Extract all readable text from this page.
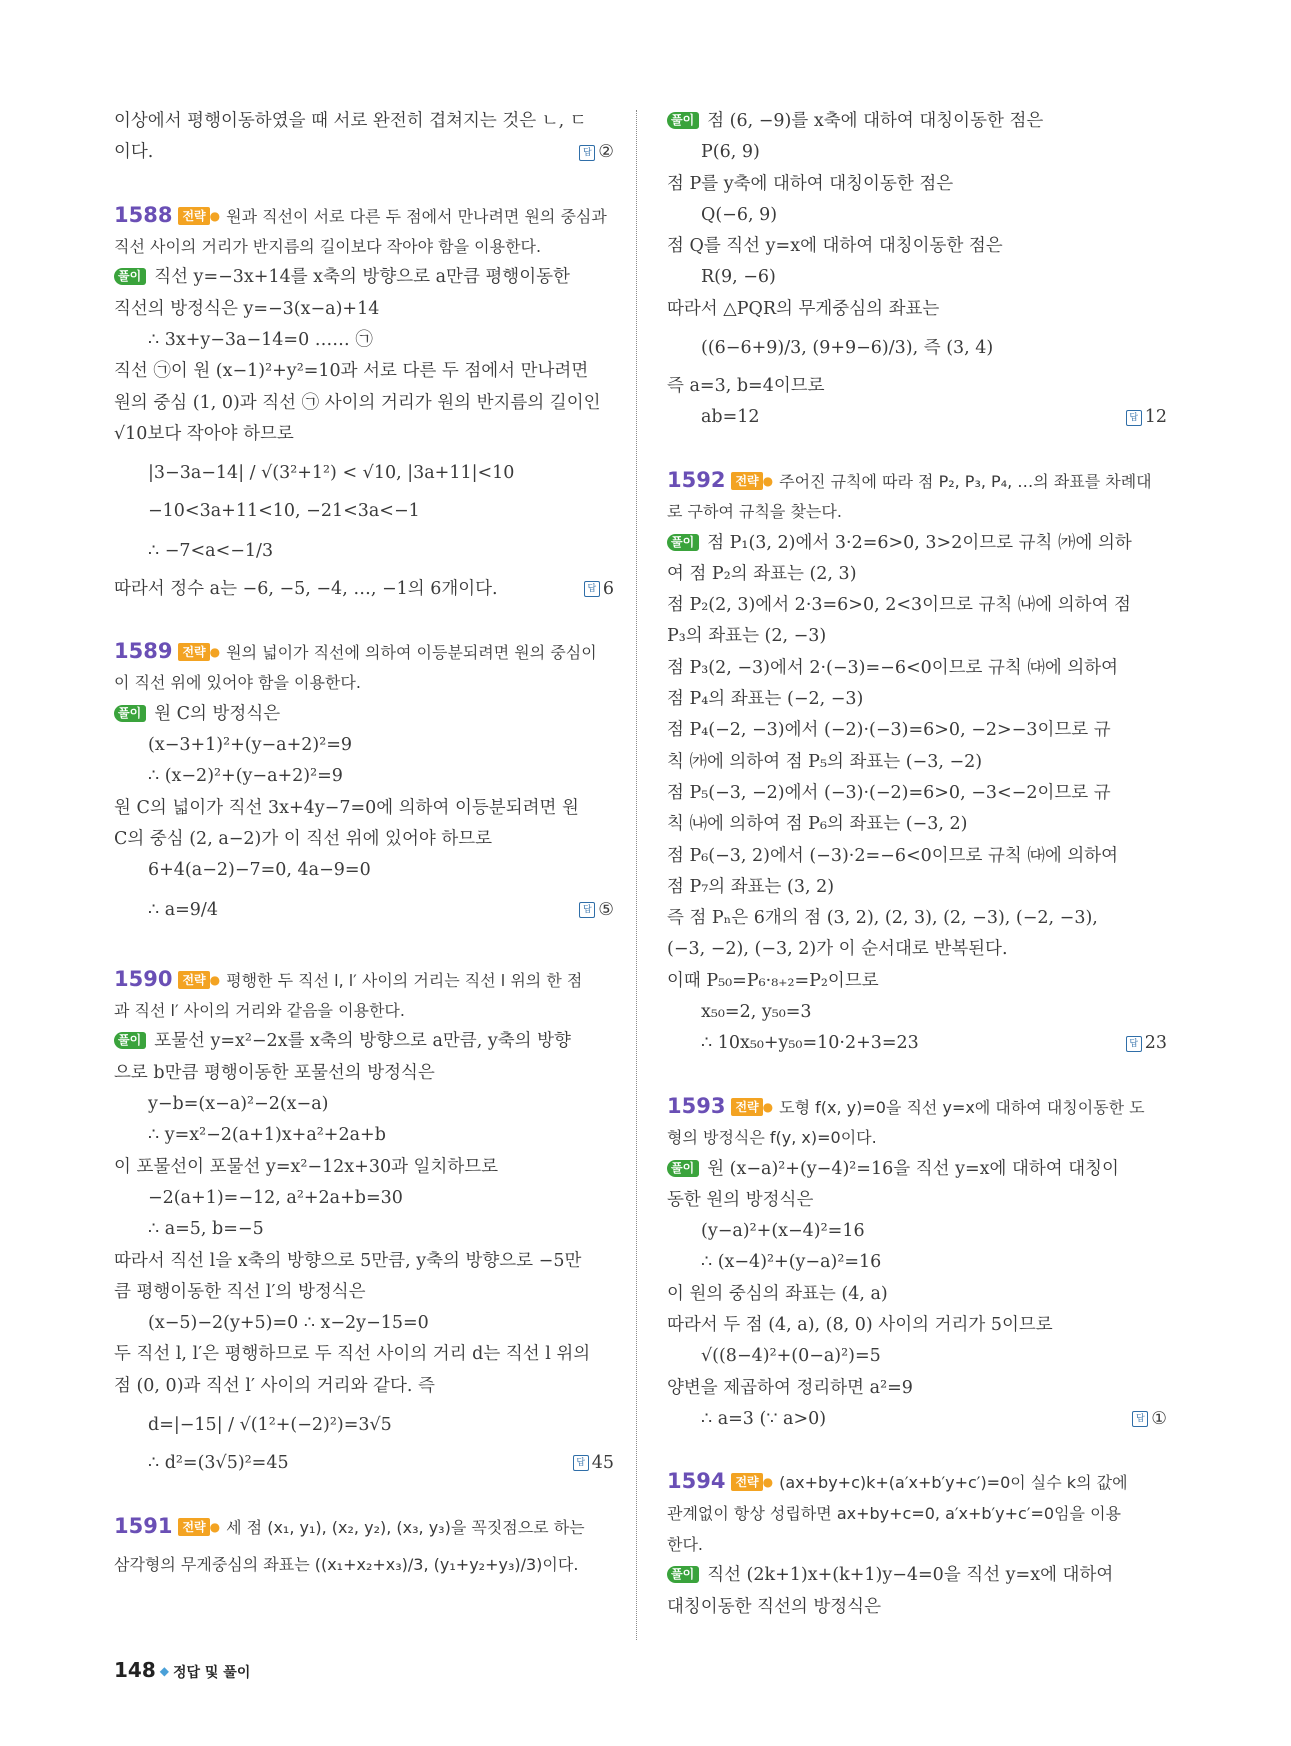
이상에서 평행이동하였을 때 서로 완전히 겹쳐지는 것은 ㄴ, ㄷ
이다.	답 ②
1588 전략 ● 원과 직선이 서로 다른 두 점에서 만나려면 원의 중심과
직선 사이의 거리가 반지름의 길이보다 작아야 함을 이용한다.
풀이 직선 y=−3x+14를 x축의 방향으로 a만큼 평행이동한
직선의 방정식은 y=−3(x−a)+14
∴ 3x+y−3a−14=0 …… ㉠
직선 ㉠이 원 (x−1)²+y²=10과 서로 다른 두 점에서 만나려면
원의 중심 (1, 0)과 직선 ㉠ 사이의 거리가 원의 반지름의 길이인
√10보다 작아야 하므로
|3−3a−14| / √(3²+1²) < √10, |3a+11|<10
−10<3a+11<10, −21<3a<−1
∴ −7<a<−1/3
따라서 정수 a는 −6, −5, −4, …, −1의 6개이다.	답 6
1589 전략 ● 원의 넓이가 직선에 의하여 이등분되려면 원의 중심이
이 직선 위에 있어야 함을 이용한다.
풀이 원 C의 방정식은
(x−3+1)²+(y−a+2)²=9
∴ (x−2)²+(y−a+2)²=9
원 C의 넓이가 직선 3x+4y−7=0에 의하여 이등분되려면 원
C의 중심 (2, a−2)가 이 직선 위에 있어야 하므로
6+4(a−2)−7=0, 4a−9=0
∴ a=9/4	답 ⑤
1590 전략 ● 평행한 두 직선 l, l′ 사이의 거리는 직선 l 위의 한 점
과 직선 l′ 사이의 거리와 같음을 이용한다.
풀이 포물선 y=x²−2x를 x축의 방향으로 a만큼, y축의 방향
으로 b만큼 평행이동한 포물선의 방정식은
y−b=(x−a)²−2(x−a)
∴ y=x²−2(a+1)x+a²+2a+b
이 포물선이 포물선 y=x²−12x+30과 일치하므로
−2(a+1)=−12, a²+2a+b=30
∴ a=5, b=−5
따라서 직선 l을 x축의 방향으로 5만큼, y축의 방향으로 −5만
큼 평행이동한 직선 l′의 방정식은
(x−5)−2(y+5)=0 ∴ x−2y−15=0
두 직선 l, l′은 평행하므로 두 직선 사이의 거리 d는 직선 l 위의
점 (0, 0)과 직선 l′ 사이의 거리와 같다. 즉
d=|−15| / √(1²+(−2)²)=3√5
∴ d²=(3√5)²=45	답 45
1591 전략 ● 세 점 (x₁, y₁), (x₂, y₂), (x₃, y₃)을 꼭짓점으로 하는
삼각형의 무게중심의 좌표는 ((x₁+x₂+x₃)/3, (y₁+y₂+y₃)/3)이다.
풀이 점 (6, −9)를 x축에 대하여 대칭이동한 점은
P(6, 9)
점 P를 y축에 대하여 대칭이동한 점은
Q(−6, 9)
점 Q를 직선 y=x에 대하여 대칭이동한 점은
R(9, −6)
따라서 △PQR의 무게중심의 좌표는
((6−6+9)/3, (9+9−6)/3), 즉 (3, 4)
즉 a=3, b=4이므로
ab=12	답 12
1592 전략 ● 주어진 규칙에 따라 점 P₂, P₃, P₄, …의 좌표를 차례대
로 구하여 규칙을 찾는다.
풀이 점 P₁(3, 2)에서 3·2=6>0, 3>2이므로 규칙 ㈎에 의하
여 점 P₂의 좌표는 (2, 3)
점 P₂(2, 3)에서 2·3=6>0, 2<3이므로 규칙 ㈏에 의하여 점
P₃의 좌표는 (2, −3)
점 P₃(2, −3)에서 2·(−3)=−6<0이므로 규칙 ㈐에 의하여
점 P₄의 좌표는 (−2, −3)
점 P₄(−2, −3)에서 (−2)·(−3)=6>0, −2>−3이므로 규
칙 ㈎에 의하여 점 P₅의 좌표는 (−3, −2)
점 P₅(−3, −2)에서 (−3)·(−2)=6>0, −3<−2이므로 규
칙 ㈏에 의하여 점 P₆의 좌표는 (−3, 2)
점 P₆(−3, 2)에서 (−3)·2=−6<0이므로 규칙 ㈐에 의하여
점 P₇의 좌표는 (3, 2)
즉 점 Pₙ은 6개의 점 (3, 2), (2, 3), (2, −3), (−2, −3),
(−3, −2), (−3, 2)가 이 순서대로 반복된다.
이때 P₅₀=P₆·₈₊₂=P₂이므로
x₅₀=2, y₅₀=3
∴ 10x₅₀+y₅₀=10·2+3=23	답 23
1593 전략 ● 도형 f(x, y)=0을 직선 y=x에 대하여 대칭이동한 도
형의 방정식은 f(y, x)=0이다.
풀이 원 (x−a)²+(y−4)²=16을 직선 y=x에 대하여 대칭이
동한 원의 방정식은
(y−a)²+(x−4)²=16
∴ (x−4)²+(y−a)²=16
이 원의 중심의 좌표는 (4, a)
따라서 두 점 (4, a), (8, 0) 사이의 거리가 5이므로
√((8−4)²+(0−a)²)=5
양변을 제곱하여 정리하면 a²=9
∴ a=3 (∵ a>0)	답 ①
1594 전략 ● (ax+by+c)k+(a′x+b′y+c′)=0이 실수 k의 값에
관계없이 항상 성립하면 ax+by+c=0, a′x+b′y+c′=0임을 이용
한다.
풀이 직선 (2k+1)x+(k+1)y−4=0을 직선 y=x에 대하여
대칭이동한 직선의 방정식은
148 ◆ 정답 및 풀이
